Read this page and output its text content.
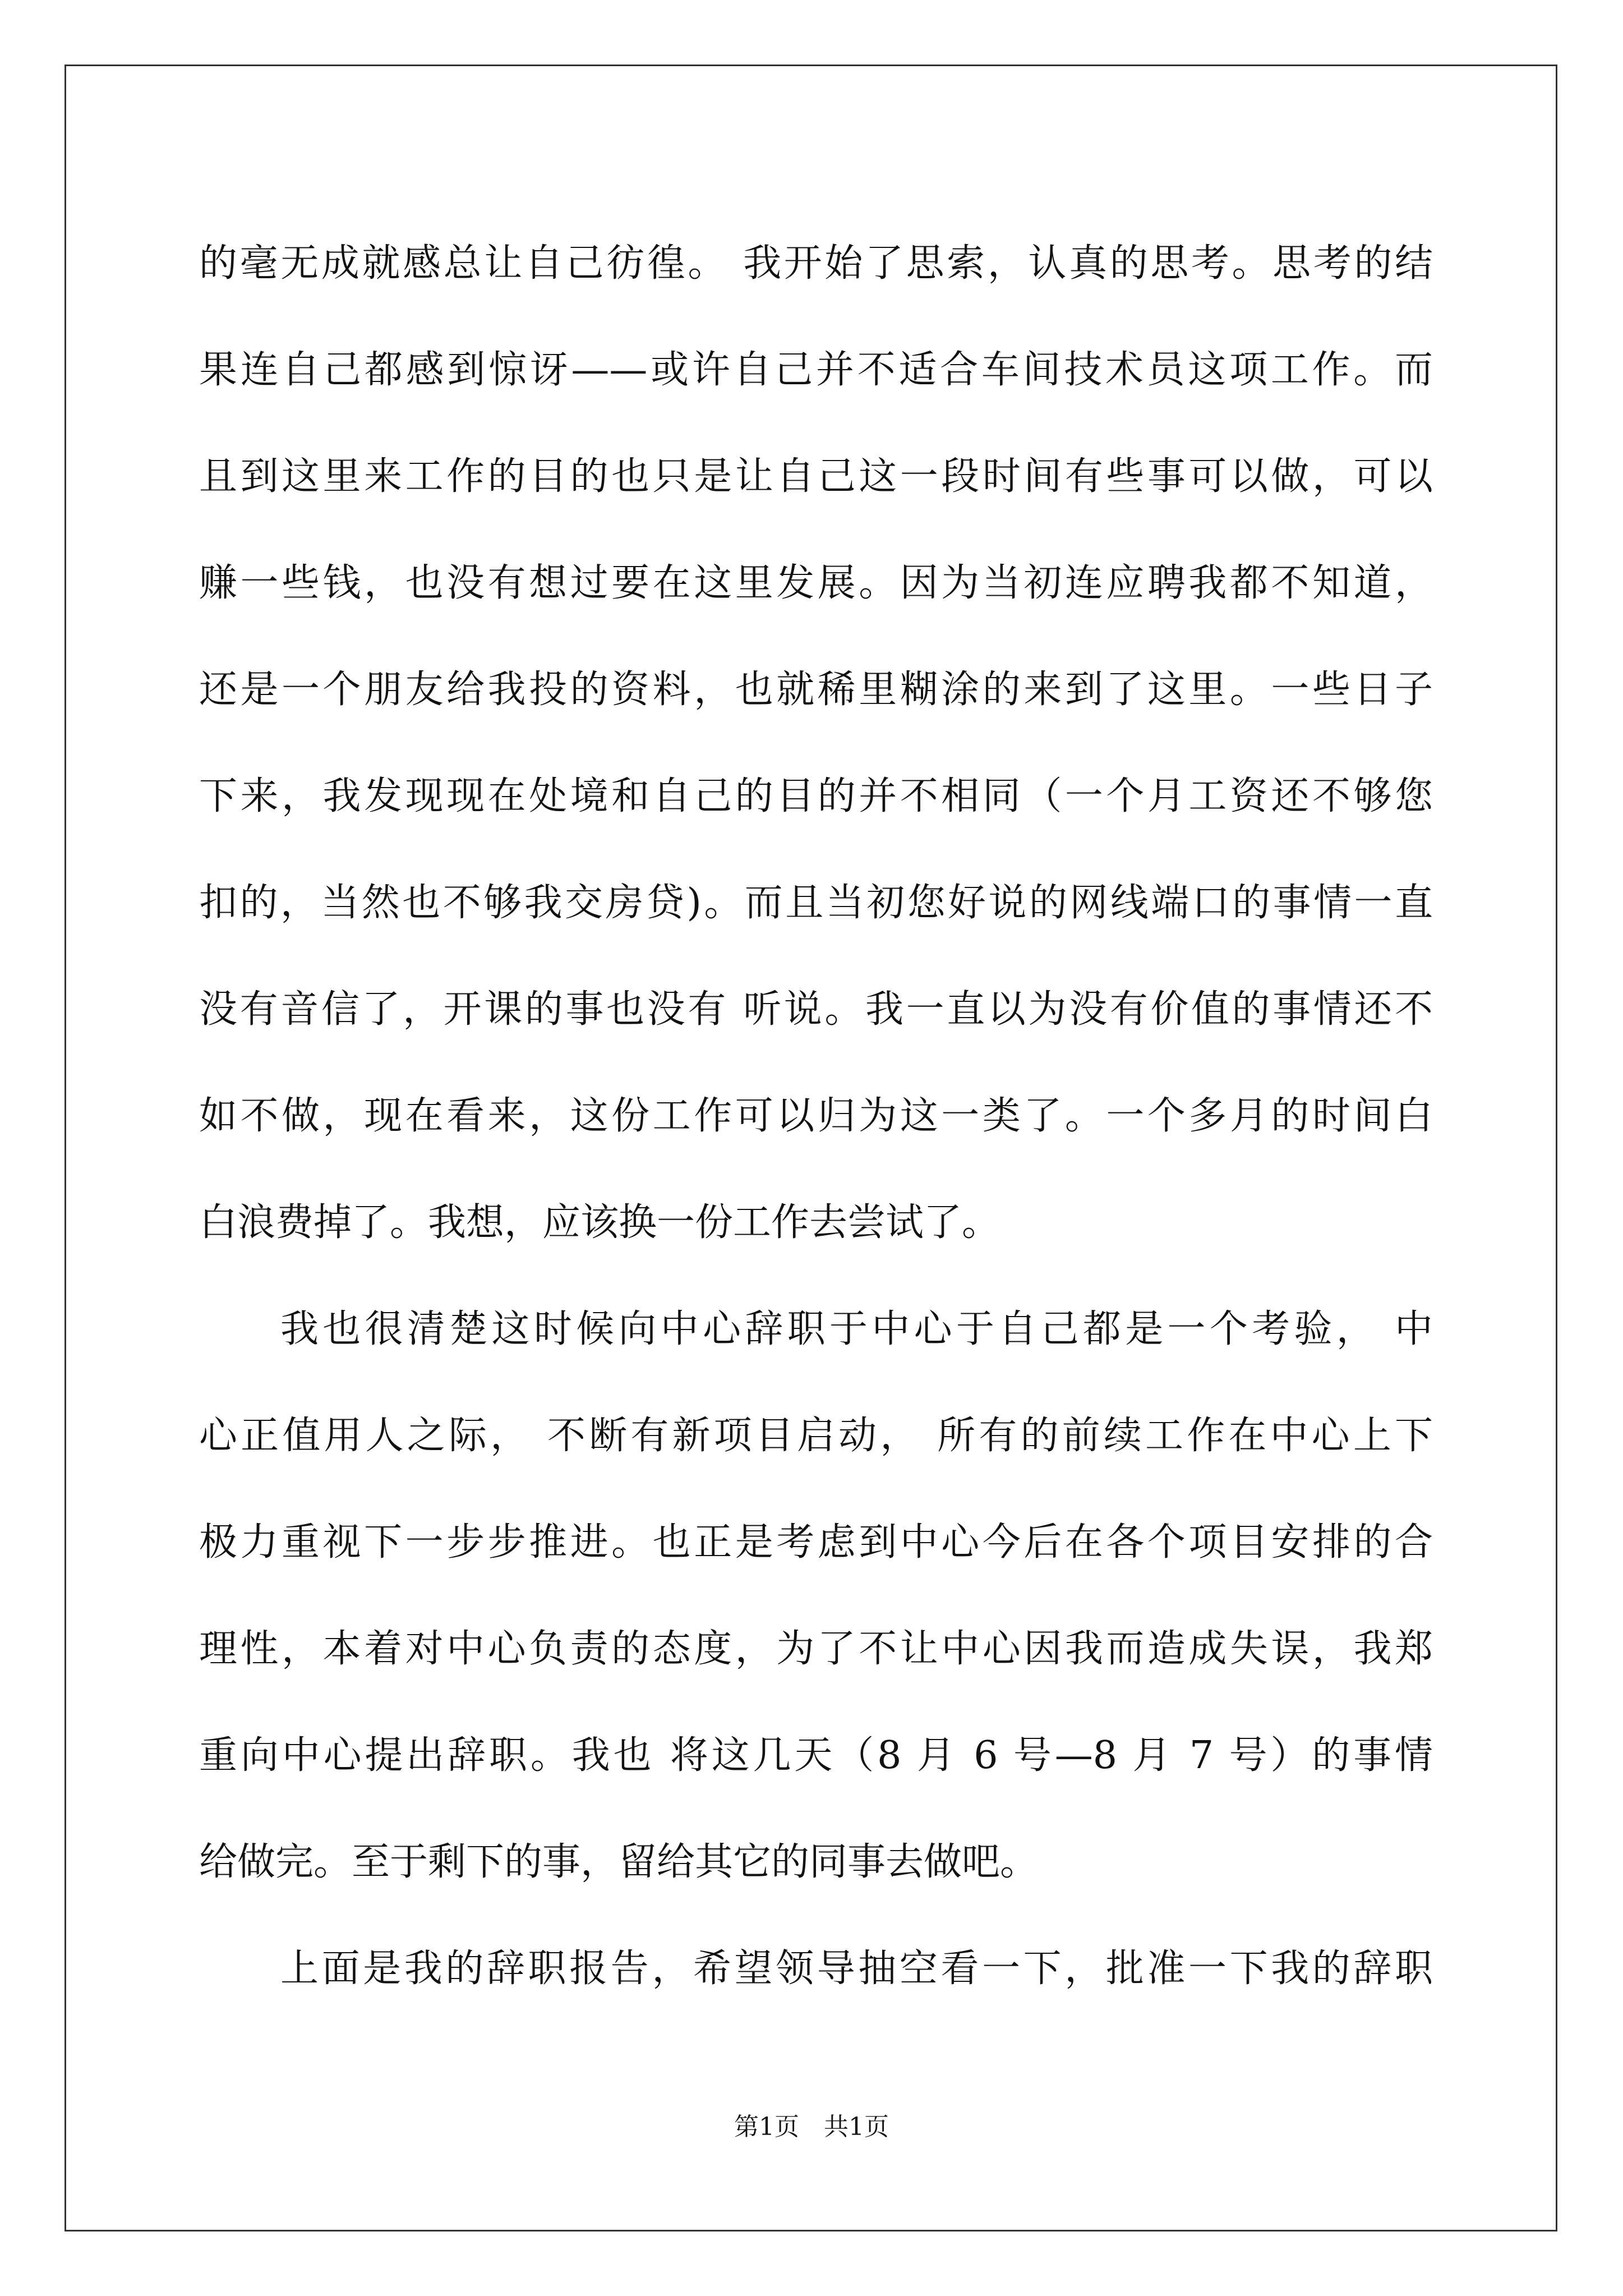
的毫无成就感总让自己彷徨。 我开始了思索，认真的思考。思考的结
果连自己都感到惊讶——或许自己并不适合车间技术员这项工作。而
且到这里来工作的目的也只是让自己这一段时间有些事可以做，可以
赚一些钱，也没有想过要在这里发展。因为当初连应聘我都不知道，
还是一个朋友给我投的资料，也就稀里糊涂的来到了这里。一些日子
下来，我发现现在处境和自己的目的并不相同（一个月工资还不够您
扣的，当然也不够我交房贷)。而且当初您好说的网线端口的事情一直
没有音信了，开课的事也没有 听说。我一直以为没有价值的事情还不
如不做，现在看来，这份工作可以归为这一类了。一个多月的时间白
白浪费掉了。我想，应该换一份工作去尝试了。
我也很清楚这时候向中心辞职于中心于自己都是一个考验， 中
心正值用人之际， 不断有新项目启动， 所有的前续工作在中心上下
极力重视下一步步推进。也正是考虑到中心今后在各个项目安排的合
理性，本着对中心负责的态度，为了不让中心因我而造成失误，我郑
重向中心提出辞职。我也 将这几天（8 月 6 号—8 月 7 号）的事情
给做完。至于剩下的事，留给其它的同事去做吧。
上面是我的辞职报告，希望领导抽空看一下，批准一下我的辞职
第1页　共1页
